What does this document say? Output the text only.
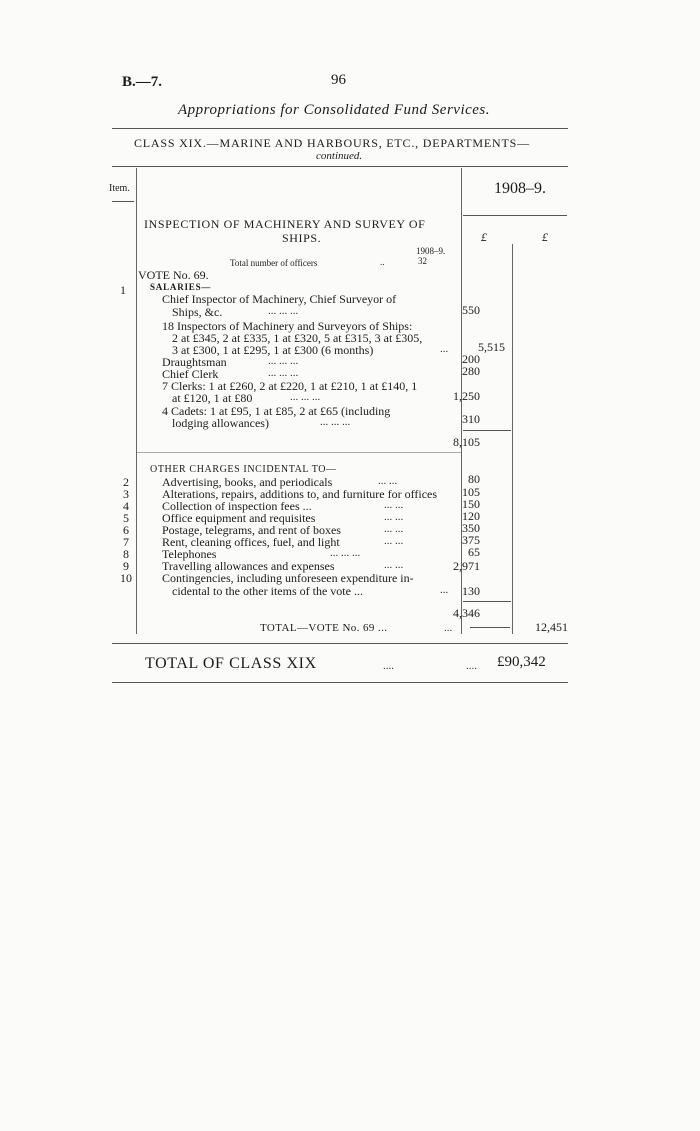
B.—7.	96
Appropriations for Consolidated Fund Services.
CLASS XIX.—MARINE AND HARBOURS, ETC., DEPARTMENTS—
continued.
Item.	1908–9.
£	£
INSPECTION OF MACHINERY AND SURVEY OF
SHIPS.
1908–9.
Total number of officers	..	32
VOTE No. 69.
1	SALARIES—
Chief Inspector of Machinery, Chief Surveyor of
Ships, &c.	... ... ...	550
18 Inspectors of Machinery and Surveyors of Ships:
2 at £345, 2 at £335, 1 at £320, 5 at £315, 3 at £305,
3 at £300, 1 at £295, 1 at £300 (6 months)	...	5,515
Draughtsman	... ... ...	200
Chief Clerk	... ... ...	280
7 Clerks: 1 at £260, 2 at £220, 1 at £210, 1 at £140, 1
at £120, 1 at £80	... ... ...	1,250
4 Cadets: 1 at £95, 1 at £85, 2 at £65 (including
lodging allowances)	... ... ...	310
8,105
OTHER CHARGES INCIDENTAL TO—
2	Advertising, books, and periodicals	... ...	80
3	Alterations, repairs, additions to, and furniture for offices	105
4	Collection of inspection fees ...	... ...	150
5	Office equipment and requisites	... ...	120
6	Postage, telegrams, and rent of boxes	... ...	350
7	Rent, cleaning offices, fuel, and light	... ...	375
8	Telephones	... ... ...	65
9	Travelling allowances and expenses	... ...	2,971
10	Contingencies, including unforeseen expenditure in-
cidental to the other items of the vote ...	...	130
4,346
TOTAL—VOTE No. 69 ...	...	12,451
TOTAL OF CLASS XIX	....	.... £90,342
